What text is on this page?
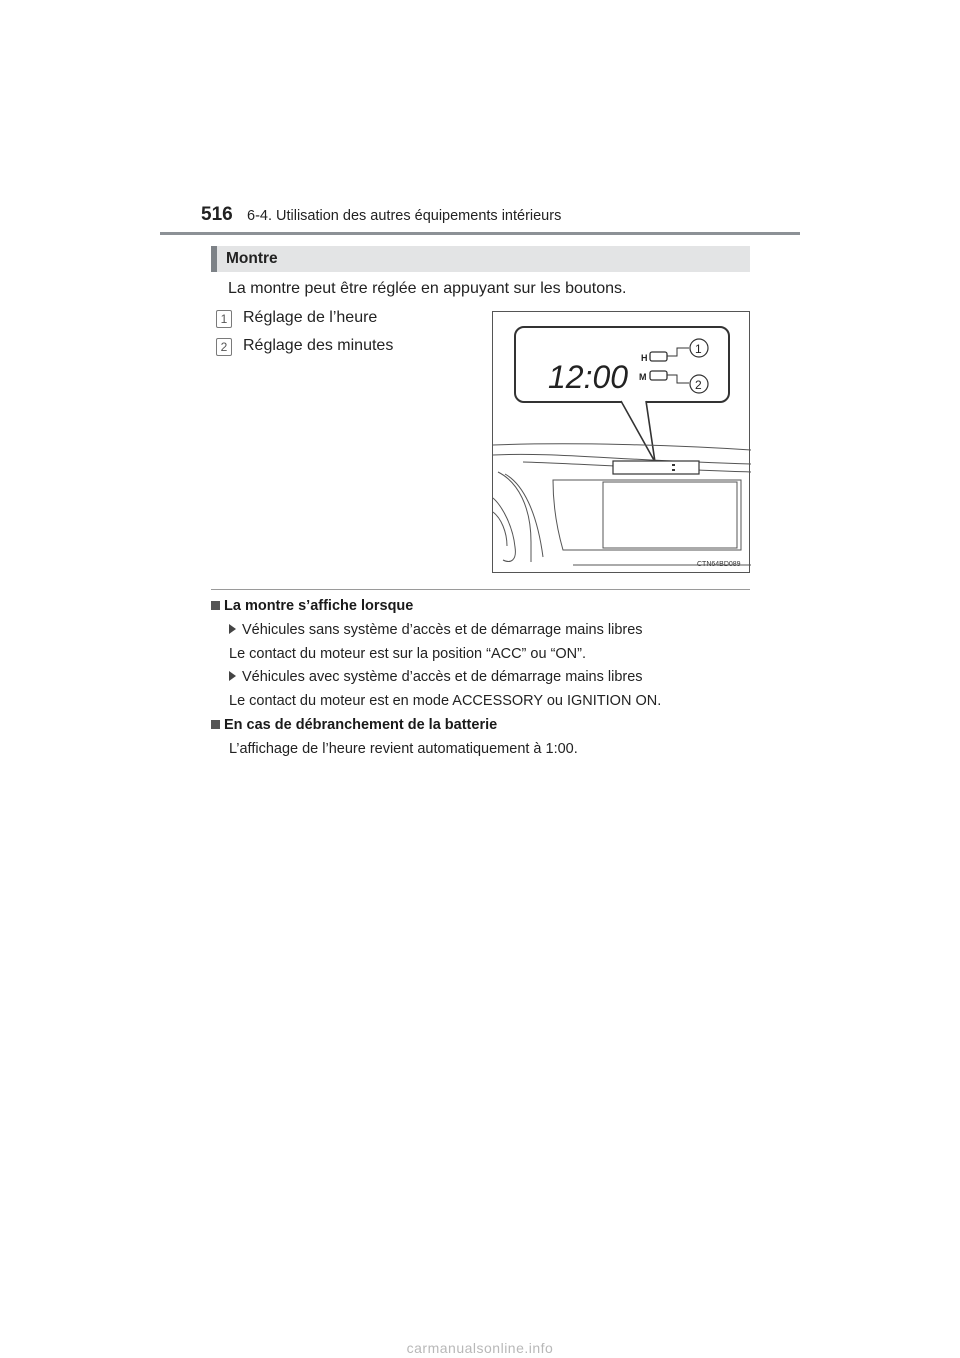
516 6-4. Utilisation des autres équipements intérieurs
Montre
La montre peut être réglée en appuyant sur les boutons.
1 Réglage de l’heure
2 Réglage des minutes
12:00
H
M
1
2
CTN64BD089
La montre s’affiche lorsque
Véhicules sans système d’accès et de démarrage mains libres
Le contact du moteur est sur la position “ACC” ou “ON”.
Véhicules avec système d’accès et de démarrage mains libres
Le contact du moteur est en mode ACCESSORY ou IGNITION ON.
En cas de débranchement de la batterie
L’affichage de l’heure revient automatiquement à 1:00.
carmanualsonline.info
